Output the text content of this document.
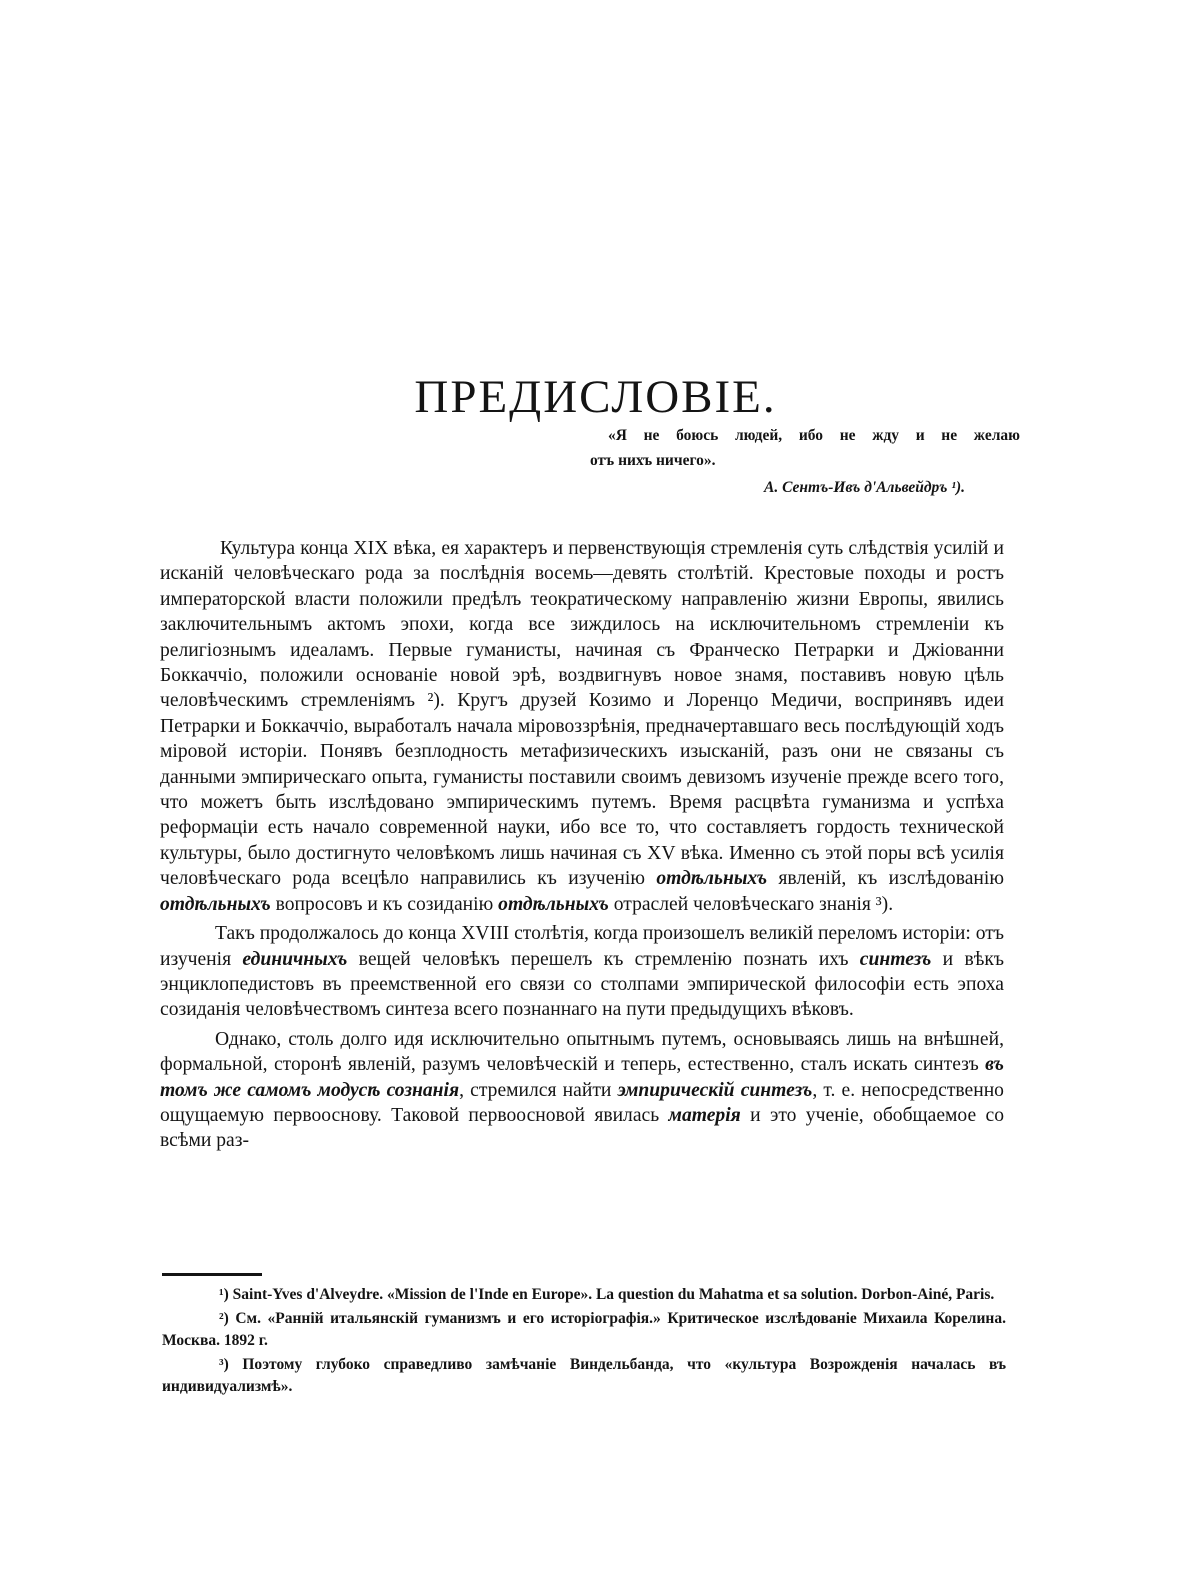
ПРЕДИСЛОВІЕ.
«Я не боюсь людей, ибо не жду и не желаю
отъ нихъ ничего».
А. Сентъ-Ивъ д'Альвейдръ ¹).

Культура конца XIX вѣка, ея характеръ и первенствующія стремленія суть слѣдствія усилій и исканій человѣческаго рода за послѣднія восемь—девять столѣтій. Крестовые походы и ростъ императорской власти положили предѣлъ теократическому направленію жизни Европы, явились заключительнымъ актомъ эпохи, когда все зиждилось на исключительномъ стремленіи къ религіознымъ идеаламъ. Первые гуманисты, начиная съ Франческо Петрарки и Джіованни Боккаччіо, положили основаніе новой эрѣ, воздвигнувъ новое знамя, поставивъ новую цѣль человѣческимъ стремленіямъ ²). Кругъ друзей Козимо и Лоренцо Медичи, воспринявъ идеи Петрарки и Боккаччіо, выработалъ начала міровоззрѣнія, предначертавшаго весь послѣдующій ходъ міровой исторіи. Понявъ безплодность метафизическихъ изысканій, разъ они не связаны съ данными эмпирическаго опыта, гуманисты поставили своимъ девизомъ изученіе прежде всего того, что можетъ быть изслѣдовано эмпирическимъ путемъ. Время расцвѣта гуманизма и успѣха реформаціи есть начало современной науки, ибо все то, что составляетъ гордость технической культуры, было достигнуто человѣкомъ лишь начиная съ XV вѣка. Именно съ этой поры всѣ усилія человѣческаго рода всецѣло направились къ изученію отдѣльныхъ явленій, къ изслѣдованію отдѣльныхъ вопросовъ и къ созиданію отдѣльныхъ отраслей человѣческаго знанія ³).

Такъ продолжалось до конца XVIII столѣтія, когда произошелъ великій переломъ исторіи: отъ изученія единичныхъ вещей человѣкъ перешелъ къ стремленію познать ихъ синтезъ и вѣкъ энциклопедистовъ въ преемственной его связи со столпами эмпирической философіи есть эпоха созиданія человѣчествомъ синтеза всего познаннаго на пути предыдущихъ вѣковъ.

Однако, столь долго идя исключительно опытнымъ путемъ, основываясь лишь на внѣшней, формальной, сторонѣ явленій, разумъ человѣческій и теперь, естественно, сталъ искать синтезъ въ томъ же самомъ модусѣ сознанія, стремился найти эмпирическій синтезъ, т. е. непосредственно ощущаемую первооснову. Таковой первоосновой явилась матерія и это ученіе, обобщаемое со всѣми раз-

¹) Saint-Yves d'Alveydre. «Mission de l'Inde en Europe». La question du Mahatma et sa solution. Dorbon-Ainé, Paris.

²) См. «Ранній итальянскій гуманизмъ и его исторіографія.» Критическое изслѣдованіе Михаила Корелина. Москва. 1892 г.

³) Поэтому глубоко справедливо замѣчаніе Виндельбанда, что «культура Возрожденія началась въ индивидуализмѣ».
